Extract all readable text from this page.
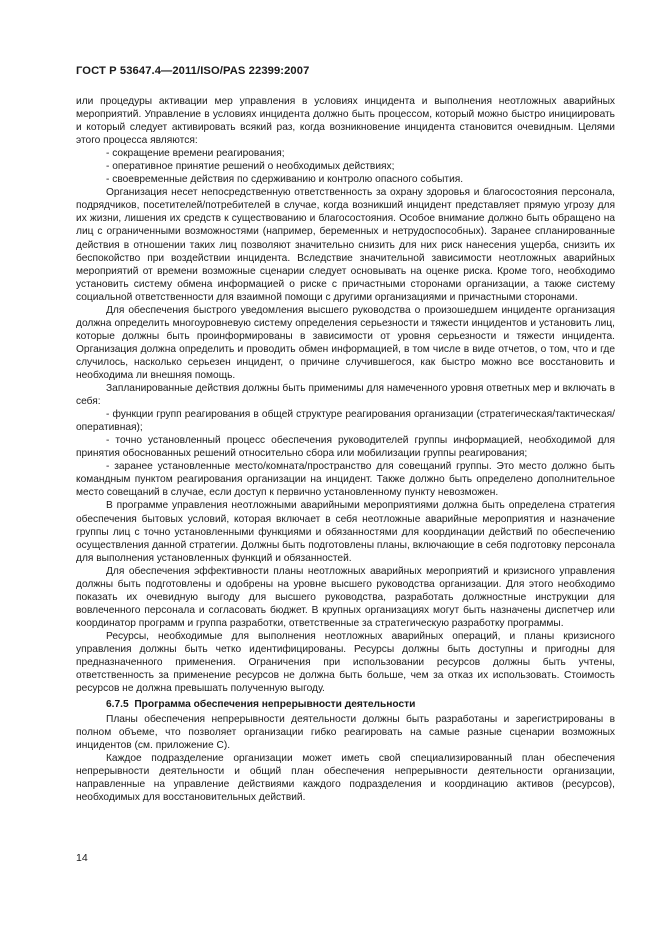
ГОСТ Р 53647.4—2011/ISO/PAS 22399:2007

или процедуры активации мер управления в условиях инцидента и выполнения неотложных аварийных мероприятий. Управление в условиях инцидента должно быть процессом, который можно быстро инициировать и который следует активировать всякий раз, когда возникновение инцидента становится очевидным. Целями этого процесса являются:

- сокращение времени реагирования;

- оперативное принятие решений о необходимых действиях;

- своевременные действия по сдерживанию и контролю опасного события.

Организация несет непосредственную ответственность за охрану здоровья и благосостояния персонала, подрядчиков, посетителей/потребителей в случае, когда возникший инцидент представляет прямую угрозу для их жизни, лишения их средств к существованию и благосостояния. Особое внимание должно быть обращено на лиц с ограниченными возможностями (например, беременных и нетрудоспособных). Заранее спланированные действия в отношении таких лиц позволяют значительно снизить для них риск нанесения ущерба, снизить их беспокойство при воздействии инцидента. Вследствие значительной зависимости неотложных аварийных мероприятий от времени возможные сценарии следует основывать на оценке риска. Кроме того, необходимо установить систему обмена информацией о риске с причастными сторонами организации, а также систему социальной ответственности для взаимной помощи с другими организациями и причастными сторонами.

Для обеспечения быстрого уведомления высшего руководства о произошедшем инциденте организация должна определить многоуровневую систему определения серьезности и тяжести инцидентов и установить лиц, которые должны быть проинформированы в зависимости от уровня серьезности и тяжести инцидента. Организация должна определить и проводить обмен информацией, в том числе в виде отчетов, о том, что и где случилось, насколько серьезен инцидент, о причине случившегося, как быстро можно все восстановить и необходима ли внешняя помощь.

Запланированные действия должны быть применимы для намеченного уровня ответных мер и включать в себя:

- функции групп реагирования в общей структуре реагирования организации (стратегическая/тактическая/оперативная);

- точно установленный процесс обеспечения руководителей группы информацией, необходимой для принятия обоснованных решений относительно сбора или мобилизации группы реагирования;

- заранее установленные место/комната/пространство для совещаний группы. Это место должно быть командным пунктом реагирования организации на инцидент. Также должно быть определено дополнительное место совещаний в случае, если доступ к первично установленному пункту невозможен.

В программе управления неотложными аварийными мероприятиями должна быть определена стратегия обеспечения бытовых условий, которая включает в себя неотложные аварийные мероприятия и назначение группы лиц с точно установленными функциями и обязанностями для координации действий по обеспечению осуществления данной стратегии. Должны быть подготовлены планы, включающие в себя подготовку персонала для выполнения установленных функций и обязанностей.

Для обеспечения эффективности планы неотложных аварийных мероприятий и кризисного управления должны быть подготовлены и одобрены на уровне высшего руководства организации. Для этого необходимо показать их очевидную выгоду для высшего руководства, разработать должностные инструкции для вовлеченного персонала и согласовать бюджет. В крупных организациях могут быть назначены диспетчер или координатор программ и группа разработки, ответственные за стратегическую разработку программы.

Ресурсы, необходимые для выполнения неотложных аварийных операций, и планы кризисного управления должны быть четко идентифицированы. Ресурсы должны быть доступны и пригодны для предназначенного применения. Ограничения при использовании ресурсов должны быть учтены, ответственность за применение ресурсов не должна быть больше, чем за отказ их использовать. Стоимость ресурсов не должна превышать полученную выгоду.

6.7.5 Программа обеспечения непрерывности деятельности

Планы обеспечения непрерывности деятельности должны быть разработаны и зарегистрированы в полном объеме, что позволяет организации гибко реагировать на самые разные сценарии возможных инцидентов (см. приложение С).

Каждое подразделение организации может иметь свой специализированный план обеспечения непрерывности деятельности и общий план обеспечения непрерывности деятельности организации, направленные на управление действиями каждого подразделения и координацию активов (ресурсов), необходимых для восстановительных действий.

14
